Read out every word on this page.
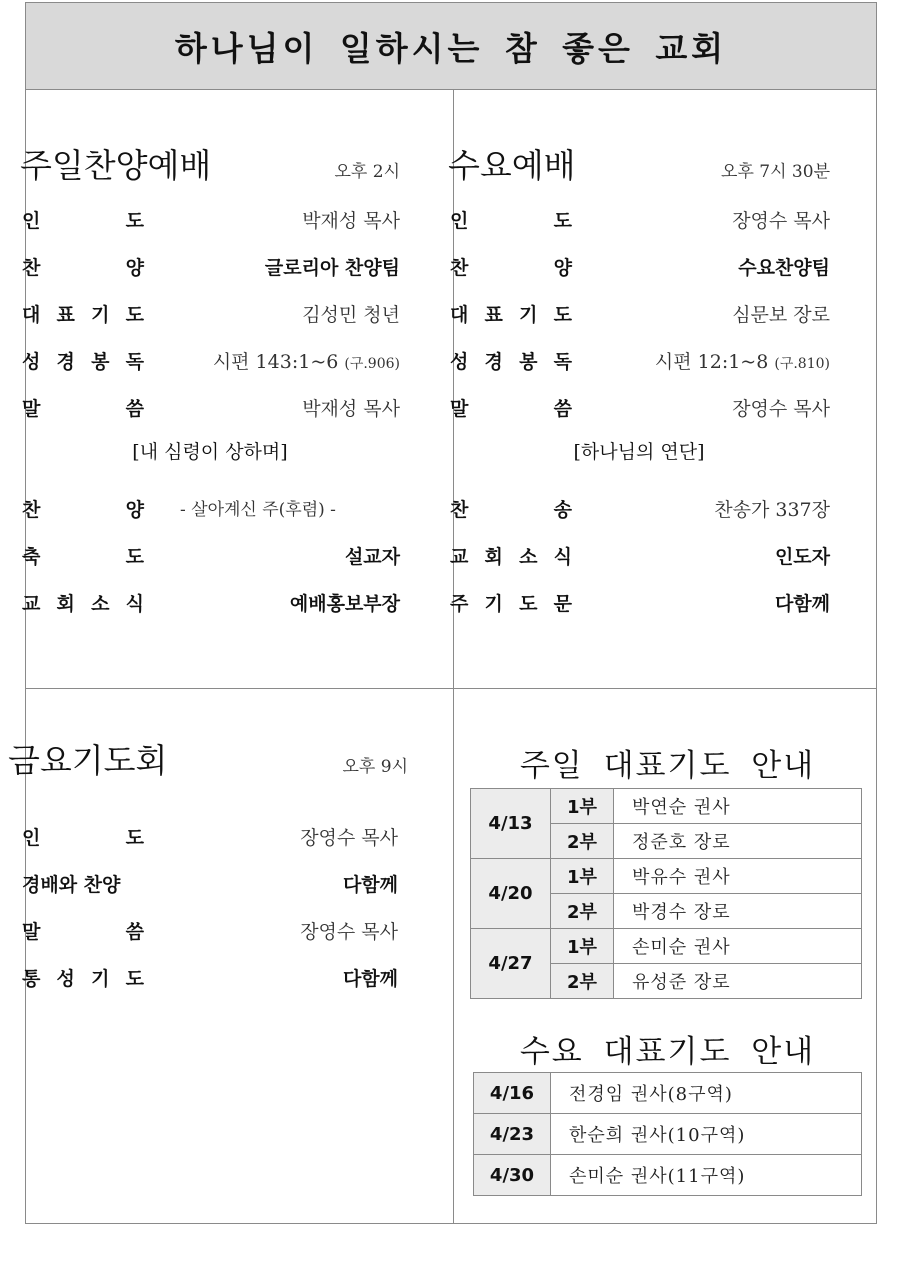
하나님이 일하시는 참 좋은 교회
주일찬양예배	오후 2시
인	도	박재성 목사
찬	양	글로리아 찬양팀
대 표 기 도	김성민 청년
성 경 봉 독	시편 143:1~6 (구.906)
말	씀	박재성 목사
[내 심령이 상하며]
찬	양 - 살아계신 주(후렴) -
축	도	설교자
교 회 소 식	예배홍보부장
수요예배	오후 7시 30분
인	도	장영수 목사
찬	양	수요찬양팀
대 표 기 도	심문보 장로
성 경 봉 독	시편 12:1~8 (구.810)
말	씀	장영수 목사
[하나님의 연단]
찬	송	찬송가 337장
교 회 소 식	인도자
주 기 도 문	다함께
금요기도회	오후 9시
인	도	장영수 목사
경배와 찬양	다함께
말	씀	장영수 목사
통 성 기 도	다함께
주일 대표기도 안내
4/13	1부	박연순 권사
	2부	정준호 장로
4/20	1부	박유수 권사
	2부	박경수 장로
4/27	1부	손미순 권사
	2부	유성준 장로
수요 대표기도 안내
4/16	전경임 권사(8구역)
4/23	한순희 권사(10구역)
4/30	손미순 권사(11구역)
